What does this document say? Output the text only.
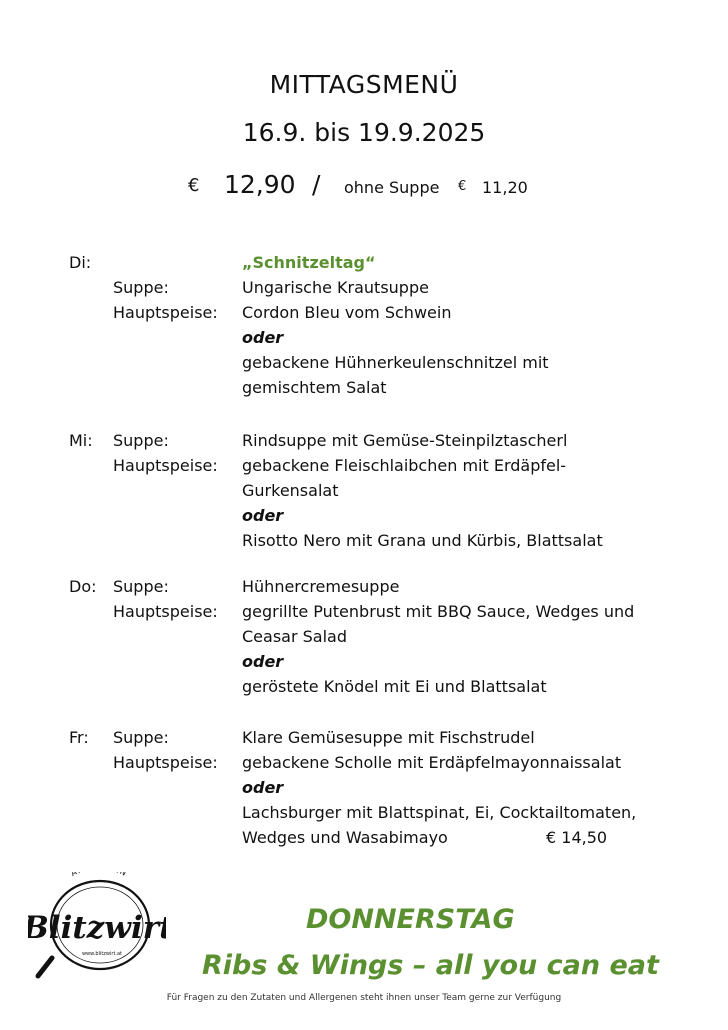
MITTAGSMENÜ
16.9. bis 19.9.2025
€ 12,90 / ohne Suppe € 11,20
Di:	„Schnitzeltag“
Suppe:	Ungarische Krautsuppe
Hauptspeise: Cordon Bleu vom Schwein
oder
gebackene Hühnerkeulenschnitzel mit
gemischtem Salat
Mi: Suppe:	Rindsuppe mit Gemüse-Steinpilztascherl
Hauptspeise: gebackene Fleischlaibchen mit Erdäpfel-
Gurkensalat
oder
Risotto Nero mit Grana und Kürbis, Blattsalat
Do: Suppe:	Hühnercremesuppe
Hauptspeise: gegrillte Putenbrust mit BBQ Sauce, Wedges und
Ceasar Salad
oder
geröstete Knödel mit Ei und Blattsalat
Fr: Suppe:	Klare Gemüsesuppe mit Fischstrudel
Hauptspeise: gebackene Scholle mit Erdäpfelmayonnaissalat
oder
Lachsburger mit Blattspinat, Ei, Cocktailtomaten,
Wedges und Wasabimayo	€ 14,50
A N
Blitzwirt
www.blitzwirt.at
DONNERSTAG
Ribs & Wings – all you can eat
Für Fragen zu den Zutaten und Allergenen steht ihnen unser Team gerne zur Verfügung
